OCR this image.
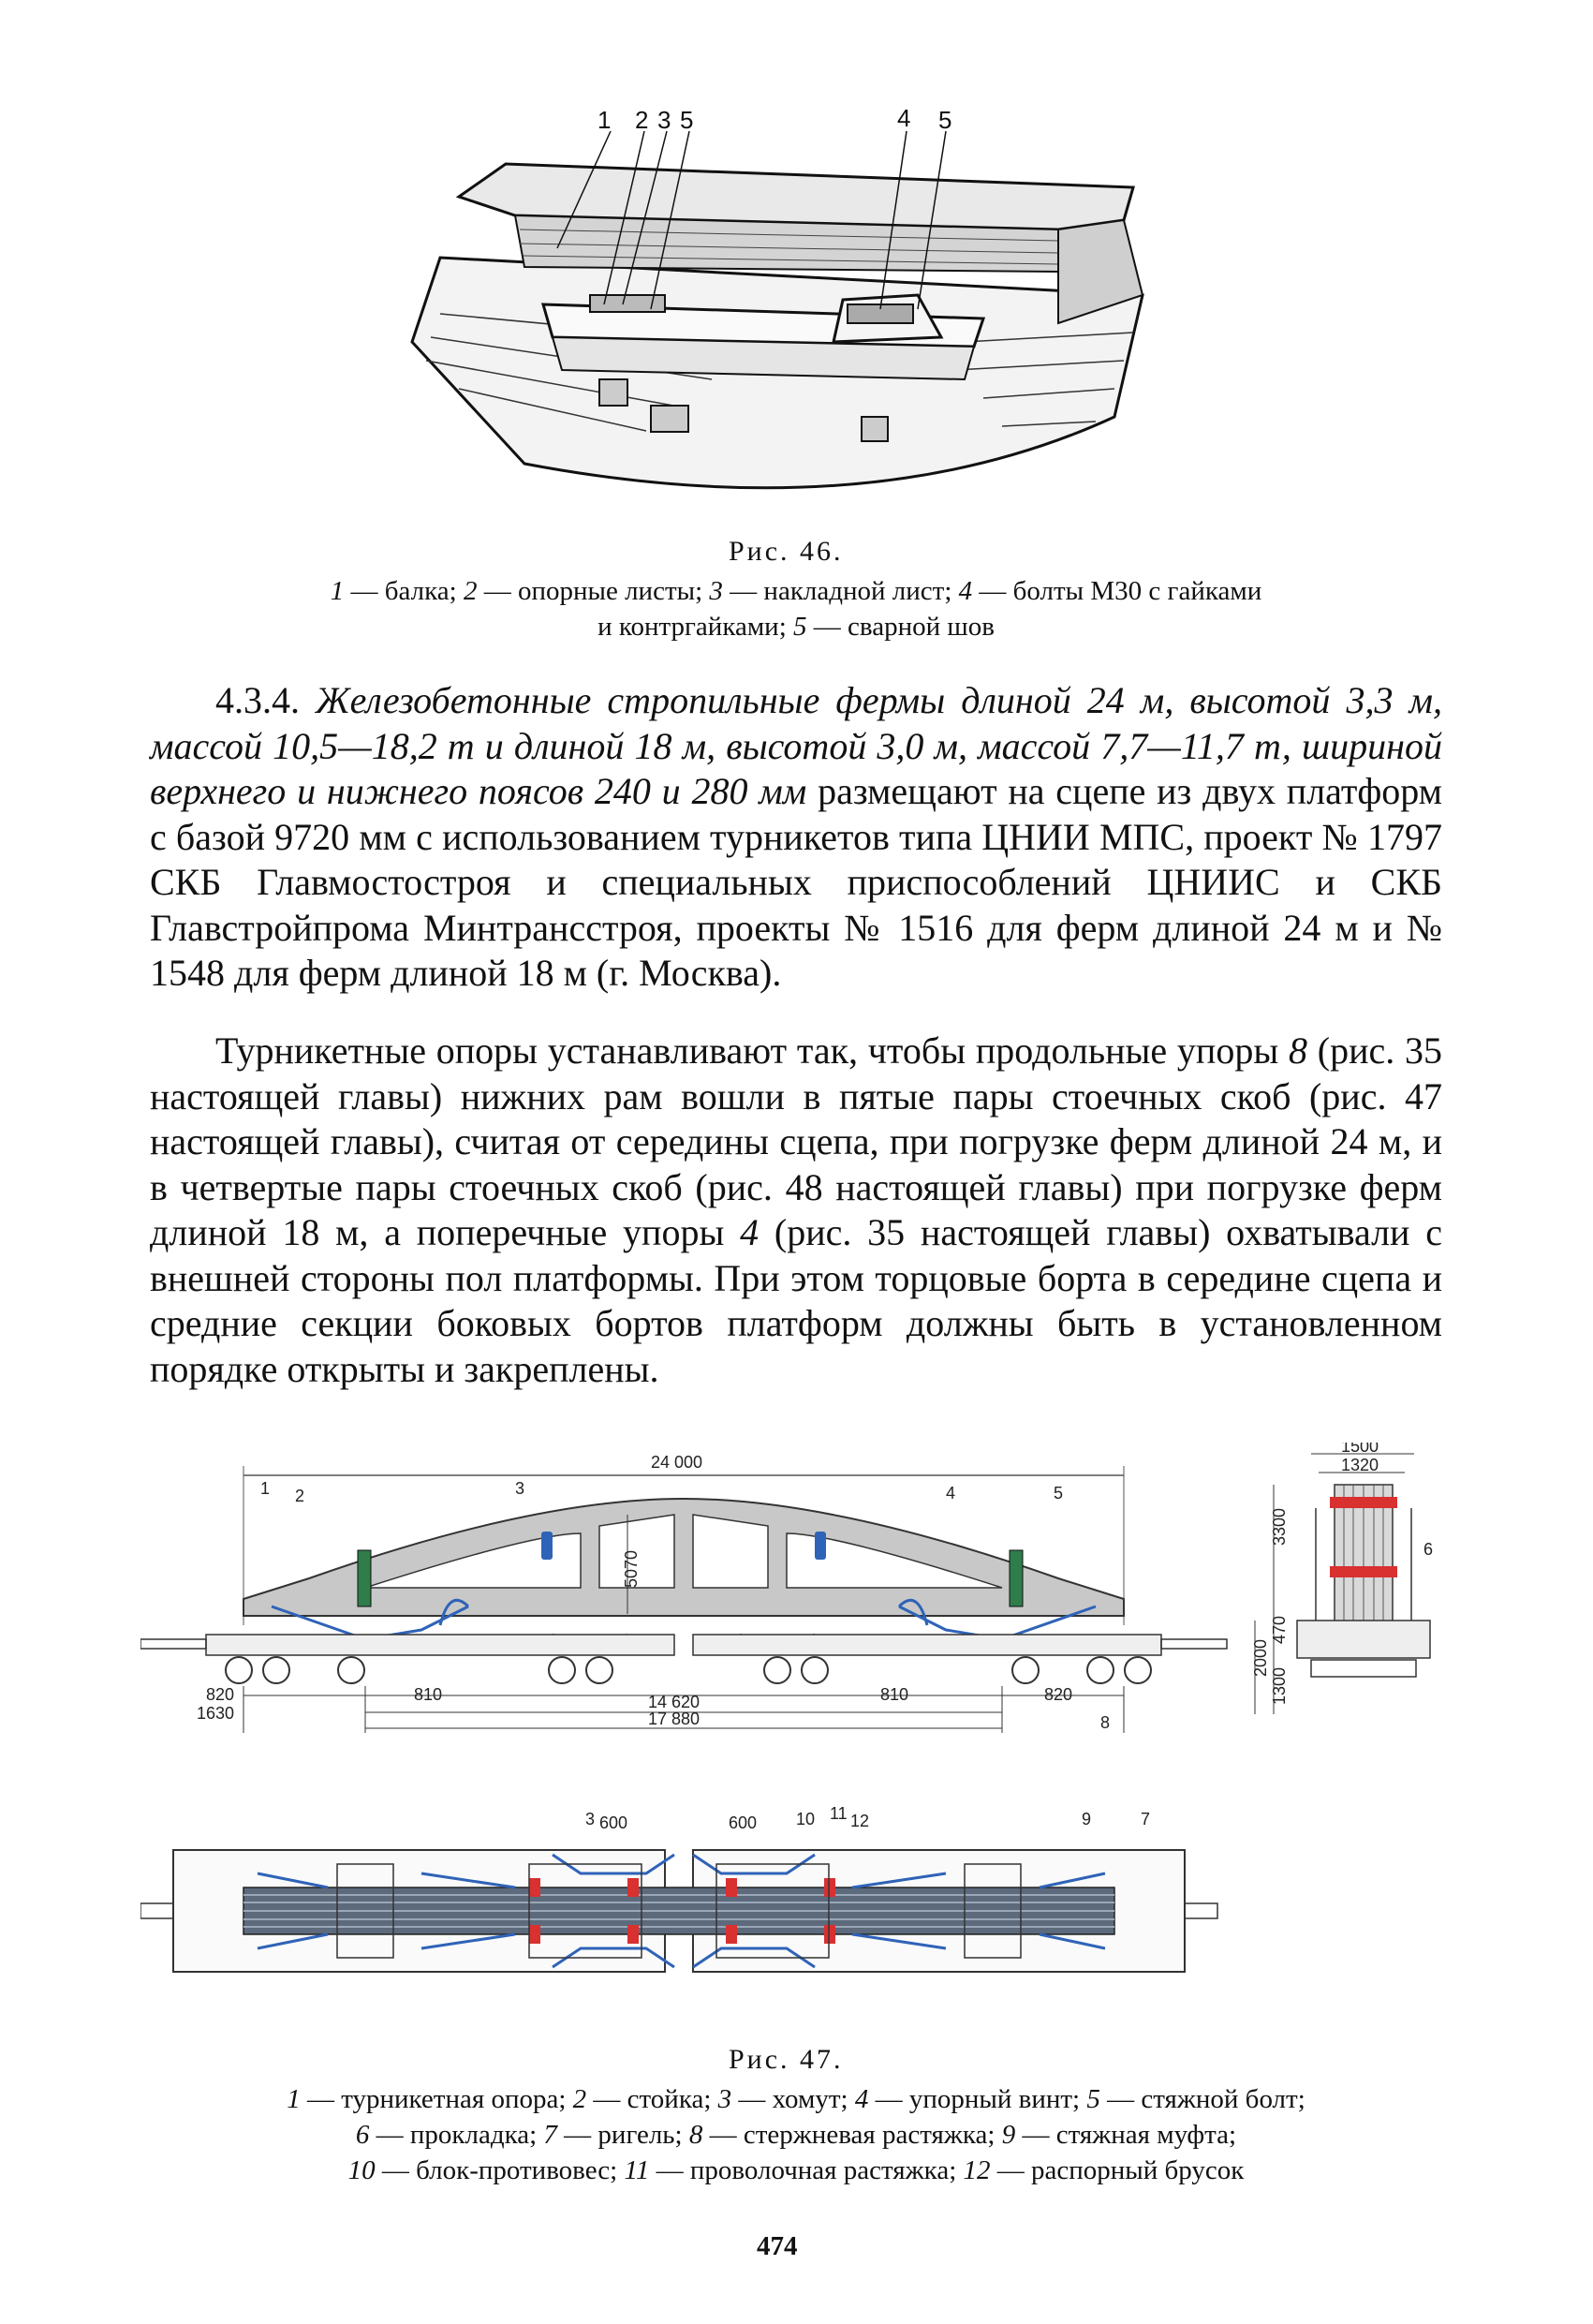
1 2 3 5	4 5
Рис. 46.
1 — балка; 2 — опорные листы; 3 — накладной лист; 4 — болты М30 с гайками
и контргайками; 5 — сварной шов
4.3.4. Железобетонные стропильные фермы длиной 24 м, высотой 3,3 м, массой 10,5—18,2 т и длиной 18 м, высотой 3,0 м, массой 7,7—11,7 т, шириной верхнего и нижнего поясов 240 и 280 мм размещают на сцепе из двух платформ с базой 9720 мм с использованием турникетов типа ЦНИИ МПС, проект № 1797 СКБ Главмостостроя и специальных приспособлений ЦНИИС и СКБ Главстройпрома Минтрансстроя, проекты № 1516 для ферм длиной 24 м и № 1548 для ферм длиной 18 м (г. Москва).
Турникетные опоры устанавливают так, чтобы продольные упоры 8 (рис. 35 настоящей главы) нижних рам вошли в пятые пары стоечных скоб (рис. 47 настоящей главы), считая от середины сцепа, при погрузке ферм длиной 24 м, и в четвертые пары стоечных скоб (рис. 48 настоящей главы) при погрузке ферм длиной 18 м, а поперечные упоры 4 (рис. 35 настоящей главы) охватывали с внешней стороны пол платформы. При этом торцовые борта в середине сцепа и средние секции боковых бортов платформ должны быть в установленном порядке открыты и закреплены.
24 000
5070
820
1630
810	14 620
17 880
810	820
1 2	3	4	5
8
1500
1320
3300
2000
1300
470
6
3 600	600 10 11 12	9	7
Рис. 47.
1 — турникетная опора; 2 — стойка; 3 — хомут; 4 — упорный винт; 5 — стяжной болт;
6 — прокладка; 7 — ригель; 8 — стержневая растяжка; 9 — стяжная муфта;
10 — блок-противовес; 11 — проволочная растяжка; 12 — распорный брусок
474
